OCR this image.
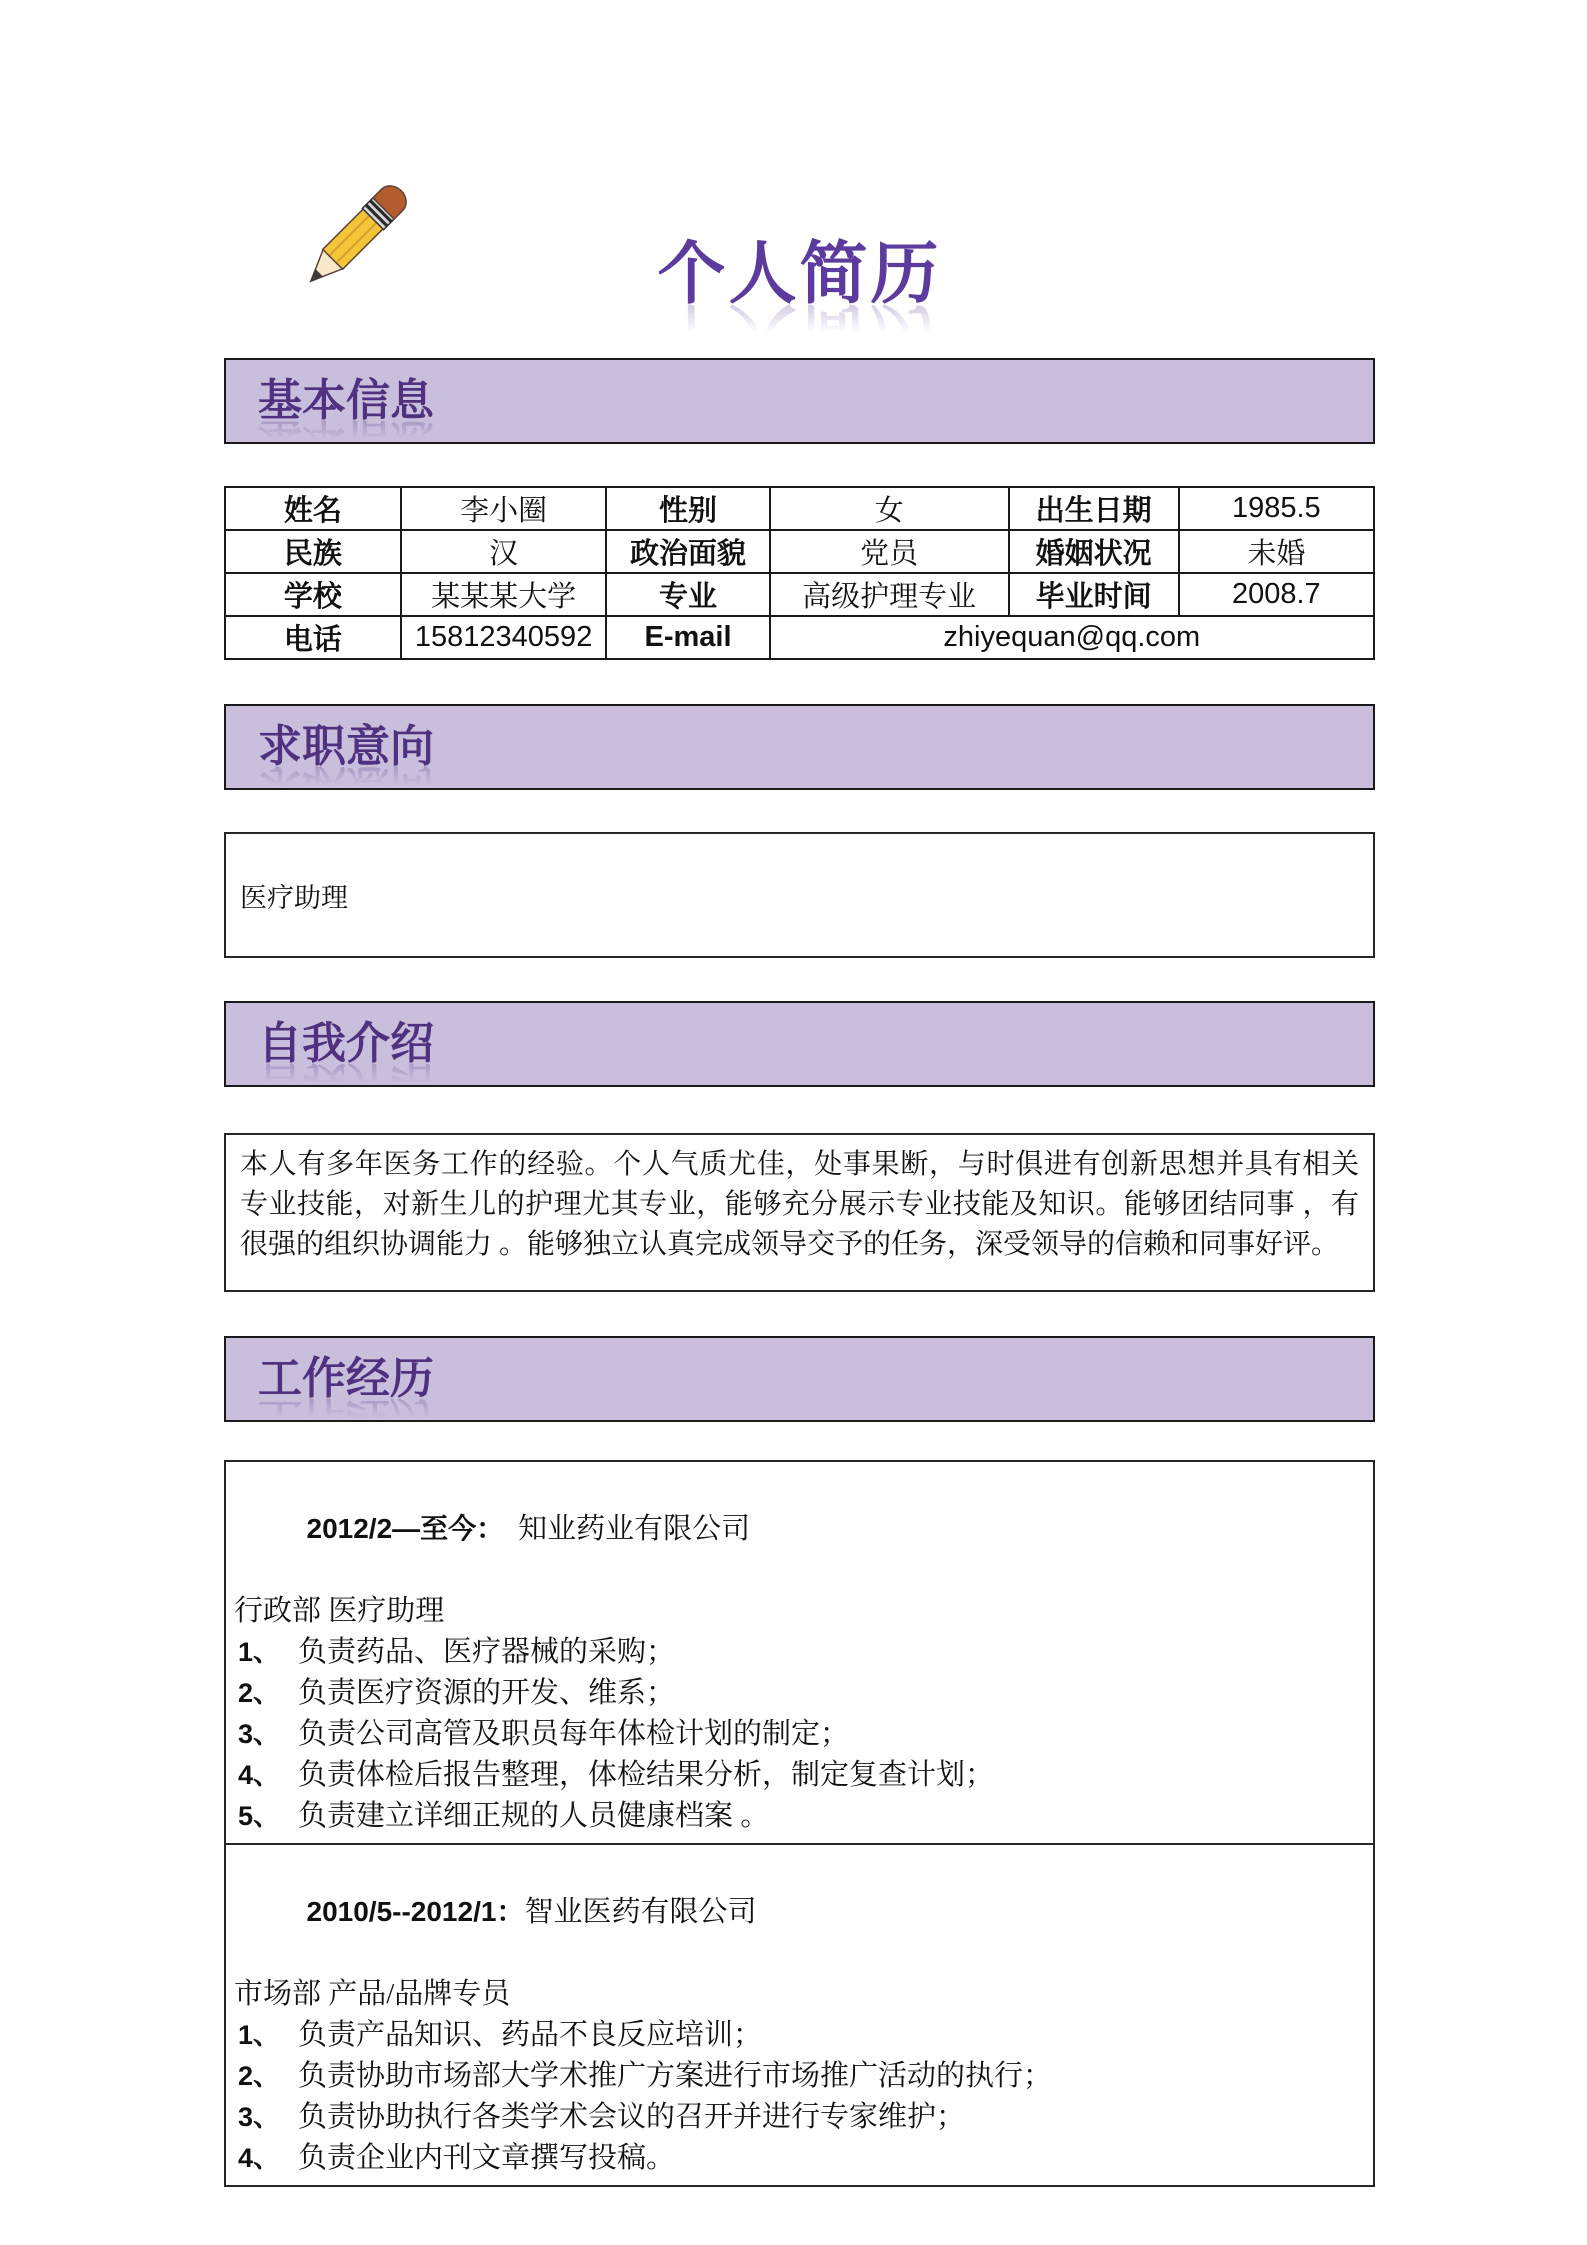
个人简历
基本信息
姓名	李小圈	性别	女	出生日期	1985.5
民族	汉	政治面貌	党员	婚姻状况	未婚
学校	某某某大学	专业	高级护理专业	毕业时间	2008.7
电话	15812340592	E-mail	zhiyequan@qq.com		
求职意向
医疗助理
自我介绍
本人有多年医务工作的经验。个人气质尤佳，处事果断，与时俱进有创新思想并具有相关专业技能，对新生儿的护理尤其专业，能够充分展示专业技能及知识。能够团结同事 ，有很强的组织协调能力 。能够独立认真完成领导交予的任务，深受领导的信赖和同事好评。
工作经历

2012/2—至今：　知业药业有限公司

行政部 医疗助理
1、 负责药品、医疗器械的采购；
2、 负责医疗资源的开发、维系；
3、 负责公司高管及职员每年体检计划的制定；
4、 负责体检后报告整理，体检结果分析，制定复查计划；
5、 负责建立详细正规的人员健康档案 。

2010/5--2012/1：智业医药有限公司

市场部 产品/品牌专员
1、 负责产品知识、药品不良反应培训；
2、 负责协助市场部大学术推广方案进行市场推广活动的执行；
3、 负责协助执行各类学术会议的召开并进行专家维护；
4、 负责企业内刊文章撰写投稿。
